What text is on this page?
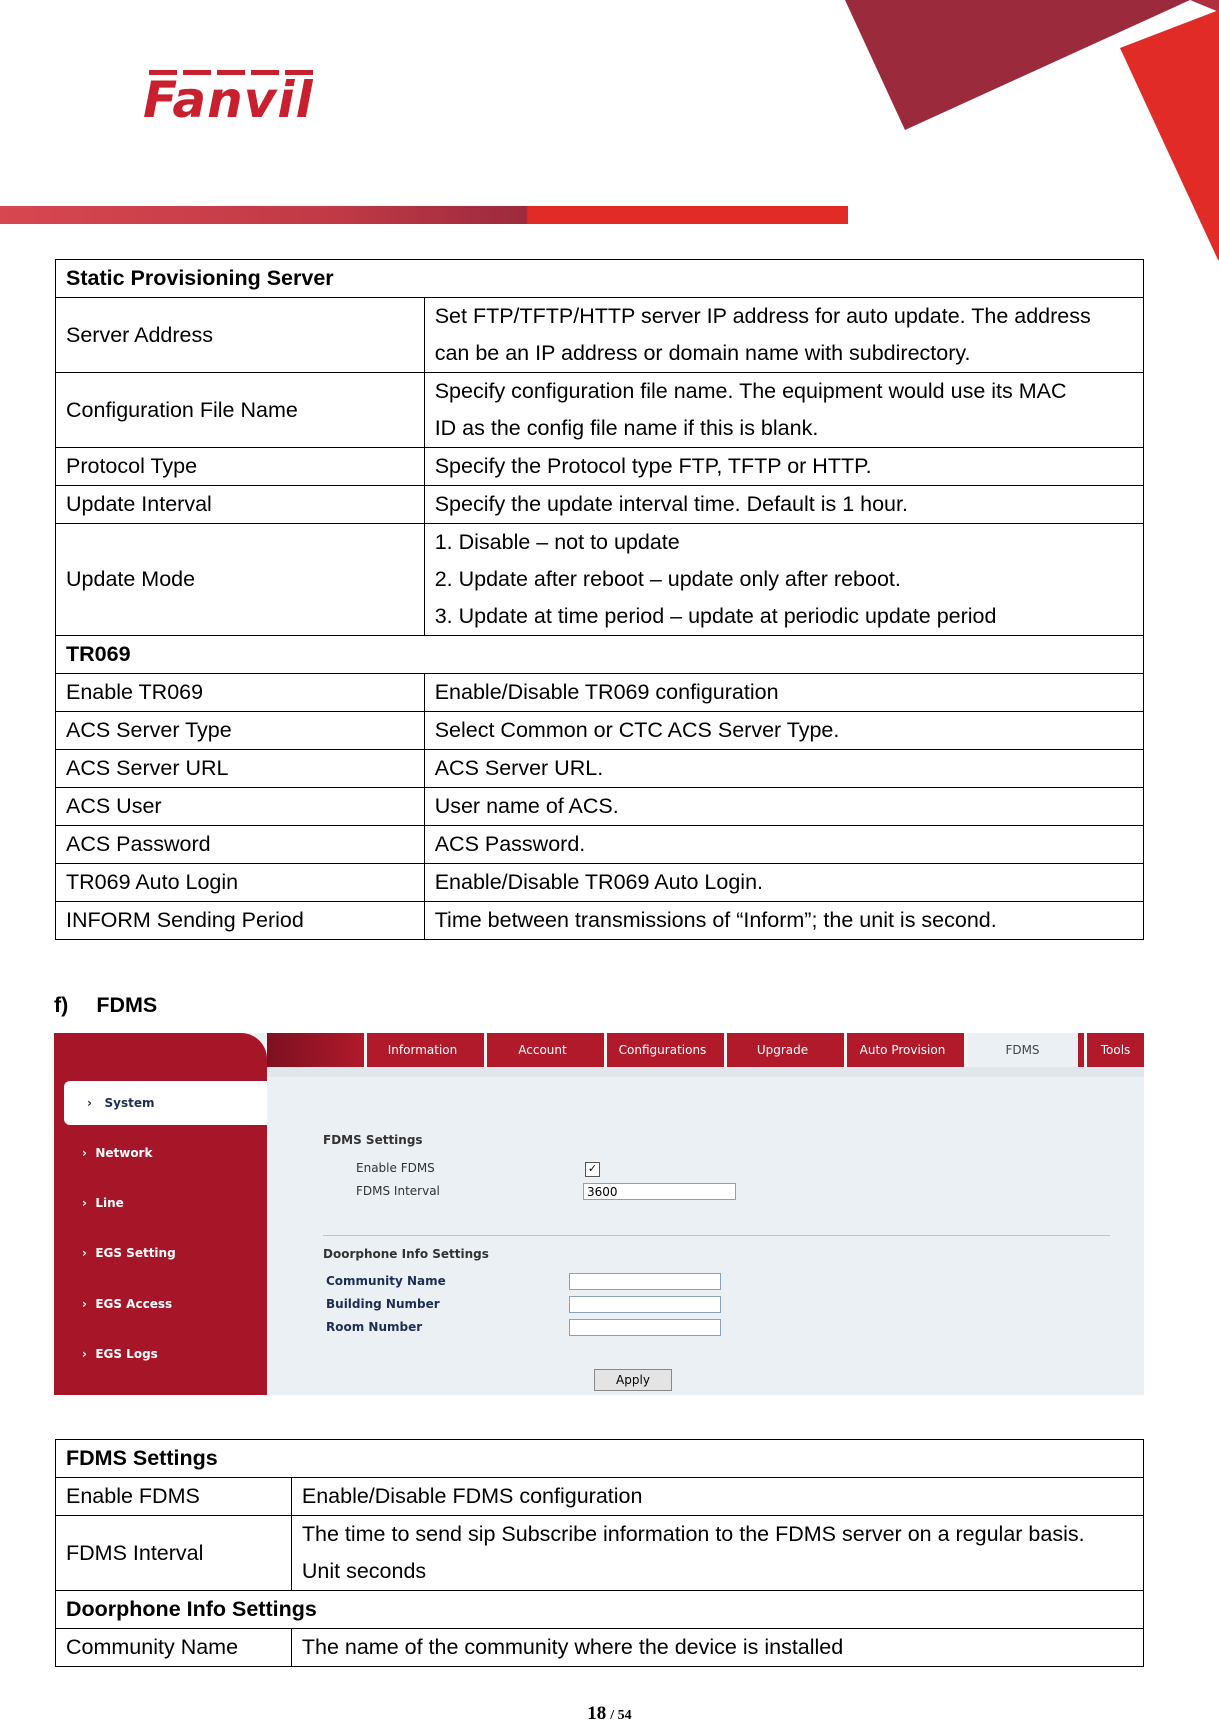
Fanvil
Static Provisioning Server	
Server Address	Set FTP/TFTP/HTTP server IP address for auto update. The address
can be an IP address or domain name with subdirectory.
Configuration File Name	Specify configuration file name. The equipment would use its MAC
ID as the config file name if this is blank.
Protocol Type	Specify the Protocol type FTP, TFTP or HTTP.
Update Interval	Specify the update interval time. Default is 1 hour.
Update Mode	1. Disable – not to update
2. Update after reboot – update only after reboot.
3. Update at time period – update at periodic update period
TR069	
Enable TR069	Enable/Disable TR069 configuration
ACS Server Type	Select Common or CTC ACS Server Type.
ACS Server URL	ACS Server URL.
ACS User	User name of ACS.
ACS Password	ACS Password.
TR069 Auto Login	Enable/Disable TR069 Auto Login.
INFORM Sending Period	Time between transmissions of “Inform”; the unit is second.
f) FDMS
Information	Account	Configurations	Upgrade	Auto Provision	FDMS	Tools
›   System
›  Network
›  Line
›  EGS Setting
›  EGS Access
›  EGS Logs
FDMS Settings
Enable FDMS	✓
FDMS Interval	3600
Doorphone Info Settings
Community Name
Building Number
Room Number
Apply
FDMS Settings	
Enable FDMS	Enable/Disable FDMS configuration
FDMS Interval	The time to send sip Subscribe information to the FDMS server on a regular basis.
Unit seconds
Doorphone Info Settings	
Community Name	The name of the community where the device is installed
18 / 54
